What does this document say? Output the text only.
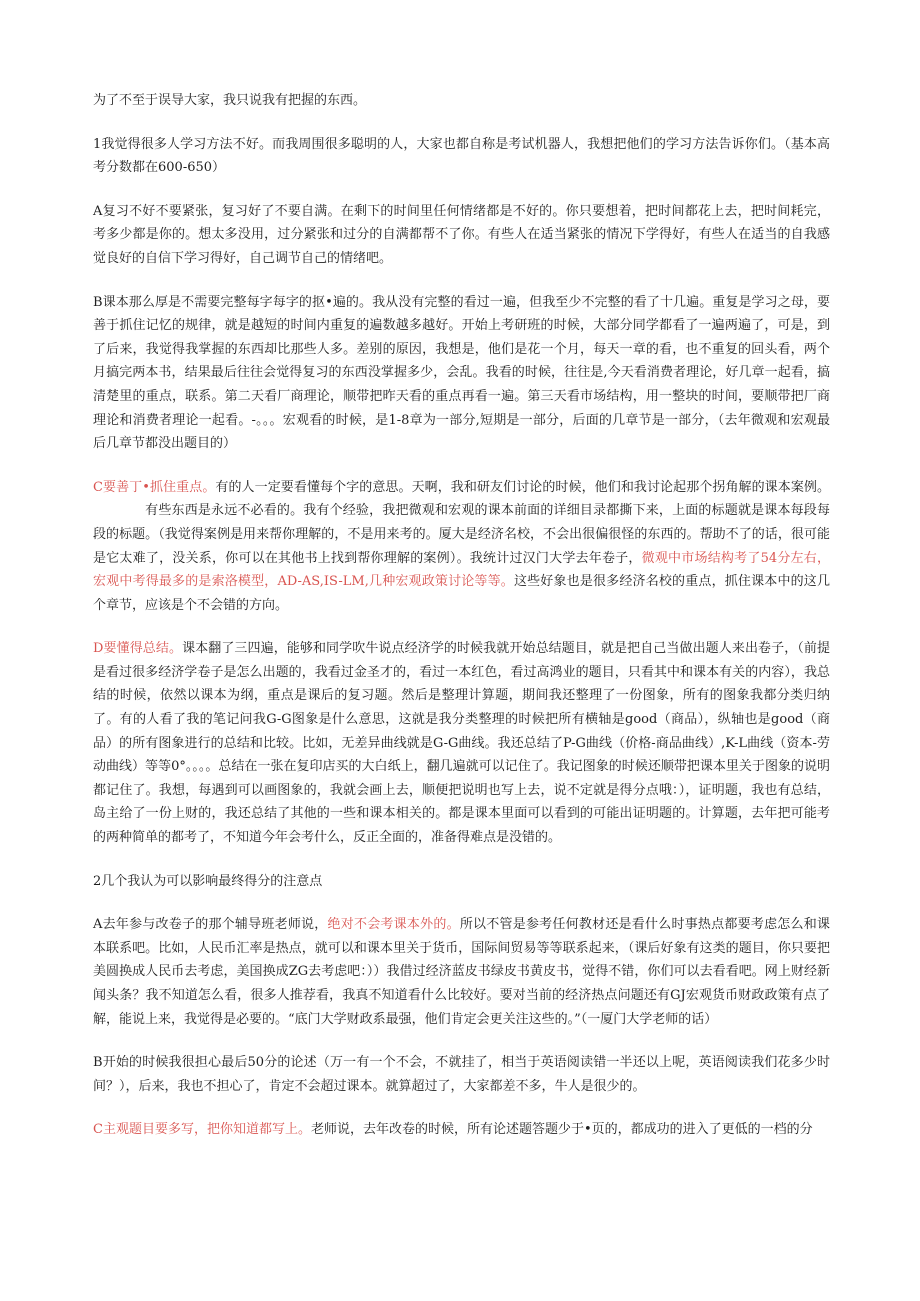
为了不至于误导大家，我只说我有把握的东西。

1我觉得很多人学习方法不好。而我周围很多聪明的人，大家也都自称是考试机器人，我想把他们的学习方法告诉你们。（基本高考分数都在600-650）

A复习不好不要紧张，复习好了不要自满。在剩下的时间里任何情绪都是不好的。你只要想着，把时间都花上去，把时间耗完，考多少都是你的。想太多没用，过分紧张和过分的自满都帮不了你。有些人在适当紧张的情况下学得好，有些人在适当的自我感觉良好的自信下学习得好，自己调节自己的情绪吧。

B课本那么厚是不需要完整每字每字的抠•遍的。我从没有完整的看过一遍，但我至少不完整的看了十几遍。重复是学习之母，要善于抓住记忆的规律，就是越短的时间内重复的遍数越多越好。开始上考研班的时候，大部分同学都看了一遍两遍了，可是，到了后来，我觉得我掌握的东西却比那些人多。差别的原因，我想是，他们是花一个月，每天一章的看，也不重复的回头看，两个月搞完两本书，结果最后往往会觉得复习的东西没掌握多少，会乱。我看的时候，往往是,今天看消费者理论，好几章一起看，搞清楚里的重点，联系。第二天看厂商理论，顺带把昨天看的重点再看一遍。第三天看市场结构，用一整块的时间，要顺带把厂商理论和消费者理论一起看。-。。。宏观看的时候，是1-8章为一部分,短期是一部分，后面的几章节是一部分，（去年微观和宏观最后几章节都没出题目的）

C要善丁•抓住重点。有的人一定要看懂每个字的意思。天啊，我和研友们讨论的时候，他们和我讨论起那个拐角解的课本案例。有些东西是永远不必看的。我有个经验，我把微观和宏观的课本前面的详细目录都撕下来，上面的标题就是课本每段每段的标题。（我觉得案例是用来帮你理解的，不是用来考的。厦大是经济名校，不会出很偏很怪的东西的。帮助不了的话，很可能是它太难了，没关系，你可以在其他书上找到帮你理解的案例）。我统计过汉门大学去年卷子，微观中市场结构考了54分左右，宏观中考得最多的是索洛模型，AD-AS,IS-LM,几种宏观政策讨论等等。这些好象也是很多经济名校的重点，抓住课本中的这几个章节，应该是个不会错的方向。

D要懂得总结。课本翻了三四遍，能够和同学吹牛说点经济学的时候我就开始总结题目，就是把自己当做出题人来出卷子，（前提是看过很多经济学卷子是怎么出题的，我看过金圣才的，看过一本红色，看过高鸿业的题目，只看其中和课本有关的内容），我总结的时候，依然以课本为纲，重点是课后的复习题。然后是整理计算题，期间我还整理了一份图象，所有的图象我都分类归纳了。有的人看了我的笔记问我G-G图象是什么意思，这就是我分类整理的时候把所有横轴是good（商品），纵轴也是good（商品）的所有图象进行的总结和比较。比如，无差异曲线就是G-G曲线。我还总结了P-G曲线（价格-商品曲线）,K-L曲线（资本-劳动曲线）等等0°。。。。总结在一张在复印店买的大白纸上，翻几遍就可以记住了。我记图象的时候还顺带把课本里关于图象的说明都记住了。我想，每遇到可以画图象的，我就会画上去，顺便把说明也写上去，说不定就是得分点哦：），证明题，我也有总结，岛主给了一份上财的，我还总结了其他的一些和课本相关的。都是课本里面可以看到的可能出证明题的。计算题，去年把可能考的两种简单的都考了，不知道今年会考什么，反正全面的，准备得难点是没错的。

2几个我认为可以影响最终得分的注意点

A去年参与改卷子的那个辅导班老师说，绝对不会考课本外的。所以不管是参考任何教材还是看什么时事热点都要考虑怎么和课本联系吧。比如，人民币汇率是热点，就可以和课本里关于货币，国际间贸易等等联系起来，（课后好象有这类的题目，你只要把美圆换成人民币去考虑，美国换成ZG去考虑吧：））我借过经济蓝皮书绿皮书黄皮书，觉得不错，你们可以去看看吧。网上财经新闻头条？我不知道怎么看，很多人推荐看，我真不知道看什么比较好。要对当前的经济热点问题还有GJ宏观货币财政政策有点了解，能说上来，我觉得是必要的。“底门大学财政系最强，他们肯定会更关注这些的。”（一厦门大学老师的话）

B开始的时候我很担心最后50分的论述（万一有一个不会，不就挂了，相当于英语阅读错一半还以上呢，英语阅读我们花多少时间？），后来，我也不担心了，肯定不会超过课本。就算超过了，大家都差不多，牛人是很少的。

C主观题目要多写，把你知道都写上。老师说，去年改卷的时候，所有论述题答题少于•页的，都成功的进入了更低的一档的分
